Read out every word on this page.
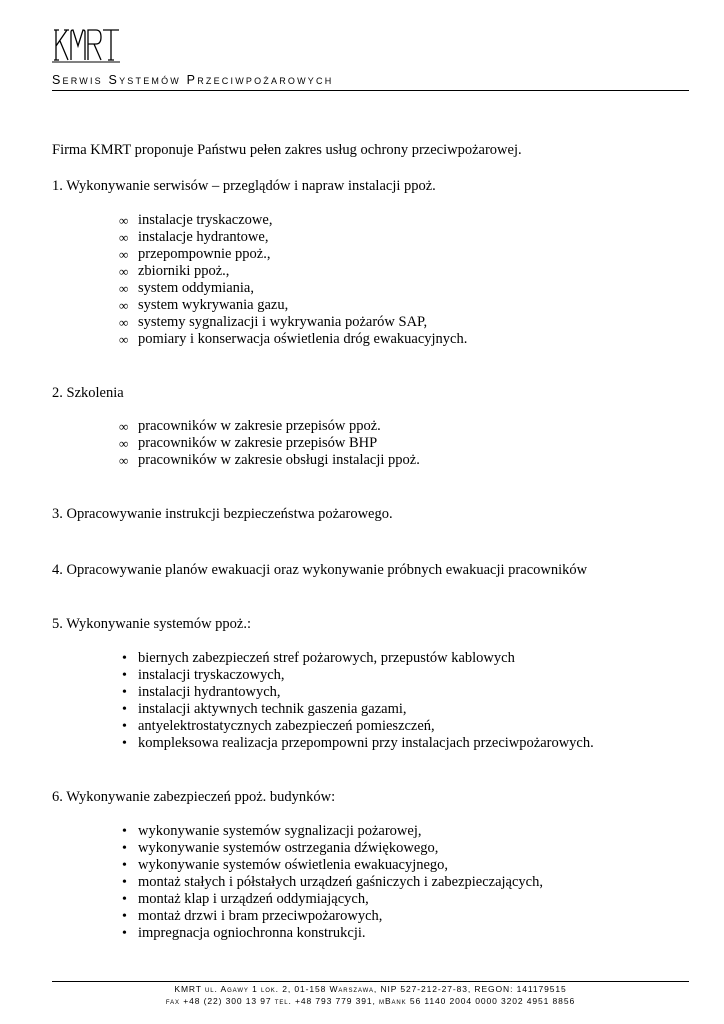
Serwis Systemów Przeciwpożarowych

Firma KMRT proponuje Państwu pełen zakres usług ochrony przeciwpożarowej.

1. Wykonywanie serwisów – przeglądów i napraw instalacji ppoż.

∞ instalacje tryskaczowe,
∞ instalacje hydrantowe,
∞ przepompownie ppoż.,
∞ zbiorniki ppoż.,
∞ system oddymiania,
∞ system wykrywania gazu,
∞ systemy sygnalizacji i wykrywania pożarów SAP,
∞ pomiary i konserwacja oświetlenia dróg ewakuacyjnych.

2. Szkolenia

∞ pracowników w zakresie przepisów ppoż.
∞ pracowników w zakresie przepisów BHP
∞ pracowników w zakresie obsługi instalacji ppoż.

3. Opracowywanie instrukcji bezpieczeństwa pożarowego.

4. Opracowywanie planów ewakuacji oraz wykonywanie próbnych ewakuacji pracowników

5. Wykonywanie systemów ppoż.:

• biernych zabezpieczeń stref pożarowych, przepustów kablowych
• instalacji tryskaczowych,
• instalacji hydrantowych,
• instalacji aktywnych technik gaszenia gazami,
• antyelektrostatycznych zabezpieczeń pomieszczeń,
• kompleksowa realizacja przepompowni przy instalacjach przeciwpożarowych.

6. Wykonywanie zabezpieczeń ppoż. budynków:

• wykonywanie systemów sygnalizacji pożarowej,
• wykonywanie systemów ostrzegania dźwiękowego,
• wykonywanie systemów oświetlenia ewakuacyjnego,
• montaż stałych i półstałych urządzeń gaśniczych i zabezpieczających,
• montaż klap i urządzeń oddymiających,
• montaż drzwi i bram przeciwpożarowych,
• impregnacja ogniochronna konstrukcji.
KMRT ul. Agawy 1 lok. 2, 01-158 Warszawa, NIP 527-212-27-83, REGON: 141179515
fax +48 (22) 300 13 97 tel. +48 793 779 391, mBank 56 1140 2004 0000 3202 4951 8856
